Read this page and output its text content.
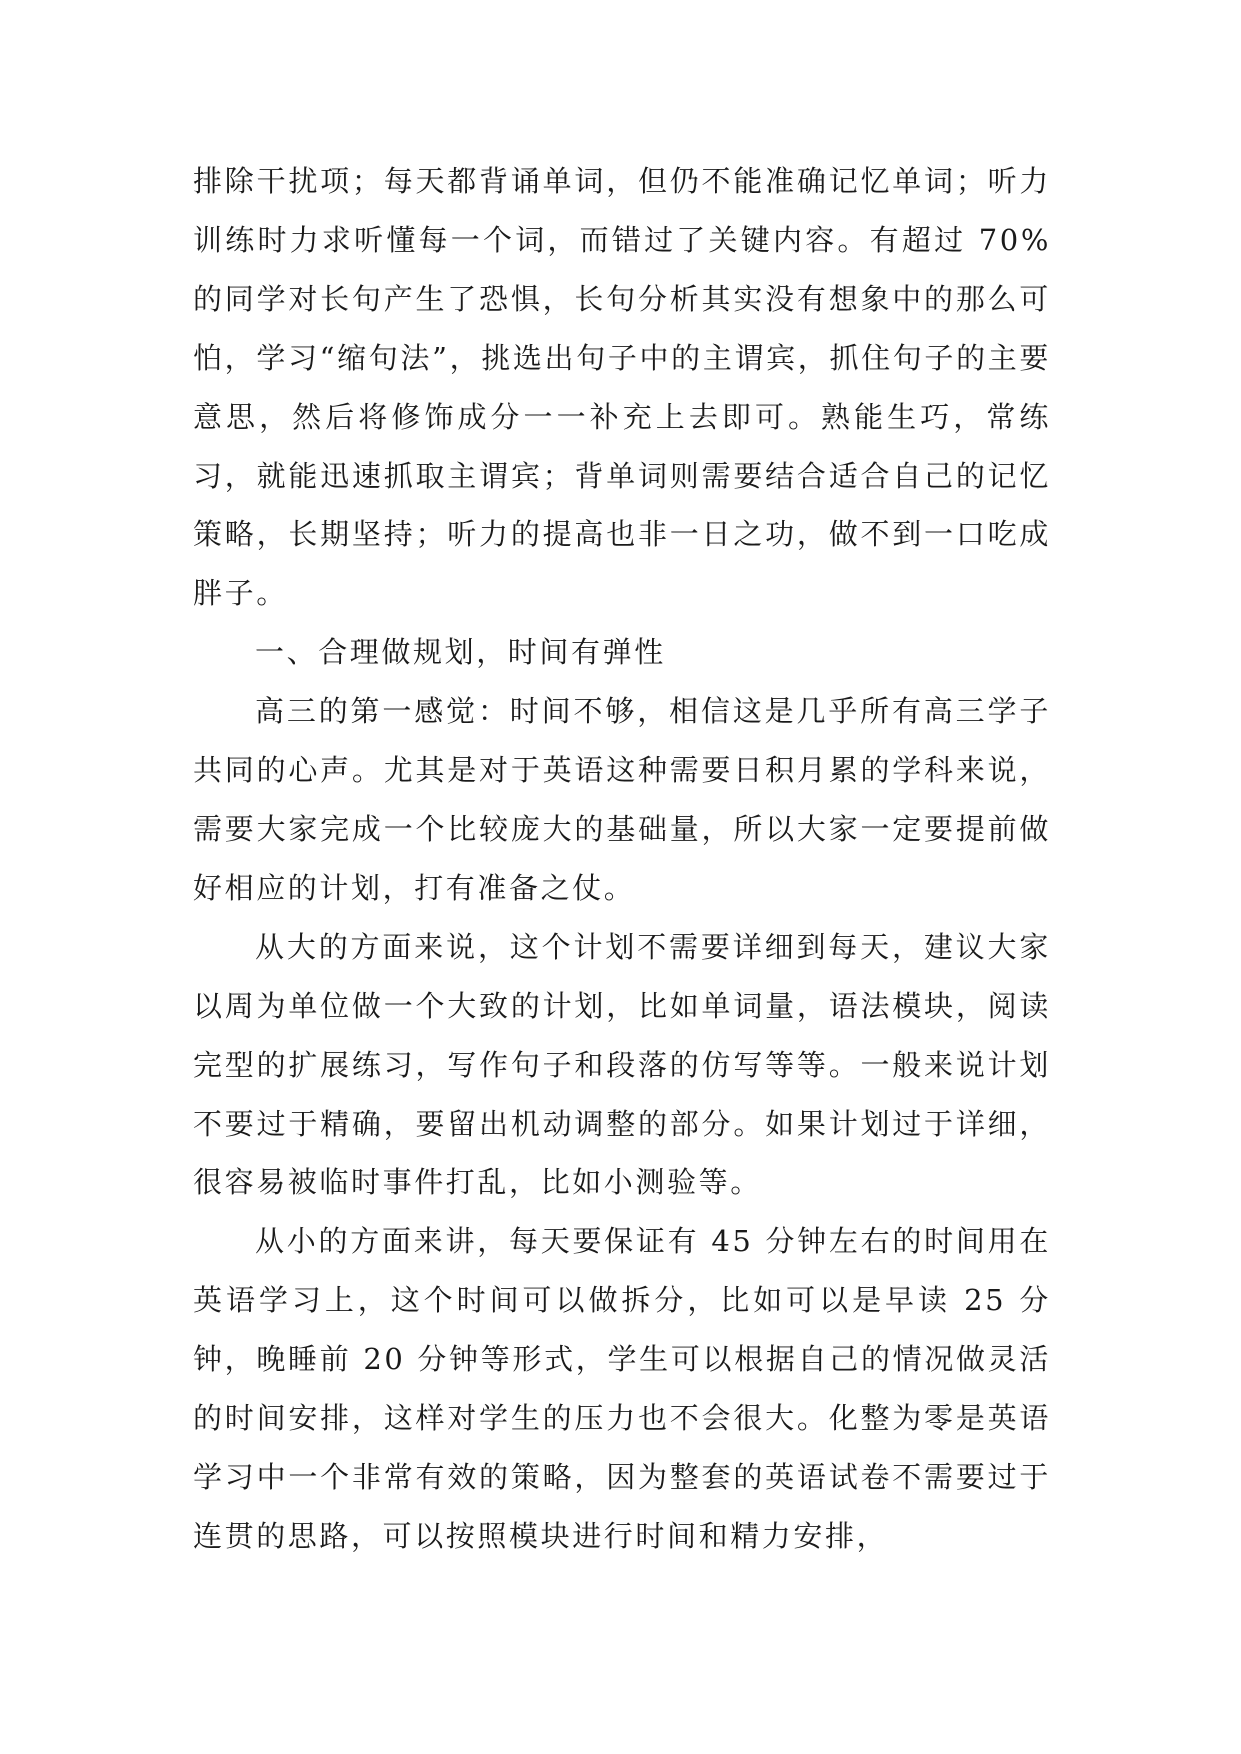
排除干扰项；每天都背诵单词，但仍不能准确记忆单词；听力训练时力求听懂每一个词，而错过了关键内容。有超过 70%的同学对长句产生了恐惧，长句分析其实没有想象中的那么可怕，学习“缩句法”，挑选出句子中的主谓宾，抓住句子的主要意思，然后将修饰成分一一补充上去即可。熟能生巧，常练习，就能迅速抓取主谓宾；背单词则需要结合适合自己的记忆策略，长期坚持；听力的提高也非一日之功，做不到一口吃成胖子。

一、合理做规划，时间有弹性

高三的第一感觉：时间不够，相信这是几乎所有高三学子共同的心声。尤其是对于英语这种需要日积月累的学科来说，需要大家完成一个比较庞大的基础量，所以大家一定要提前做好相应的计划，打有准备之仗。

从大的方面来说，这个计划不需要详细到每天，建议大家以周为单位做一个大致的计划，比如单词量，语法模块，阅读完型的扩展练习，写作句子和段落的仿写等等。一般来说计划不要过于精确，要留出机动调整的部分。如果计划过于详细，很容易被临时事件打乱，比如小测验等。

从小的方面来讲，每天要保证有 45 分钟左右的时间用在英语学习上，这个时间可以做拆分，比如可以是早读 25 分钟，晚睡前 20 分钟等形式，学生可以根据自己的情况做灵活的时间安排，这样对学生的压力也不会很大。化整为零是英语学习中一个非常有效的策略，因为整套的英语试卷不需要过于连贯的思路，可以按照模块进行时间和精力安排，
